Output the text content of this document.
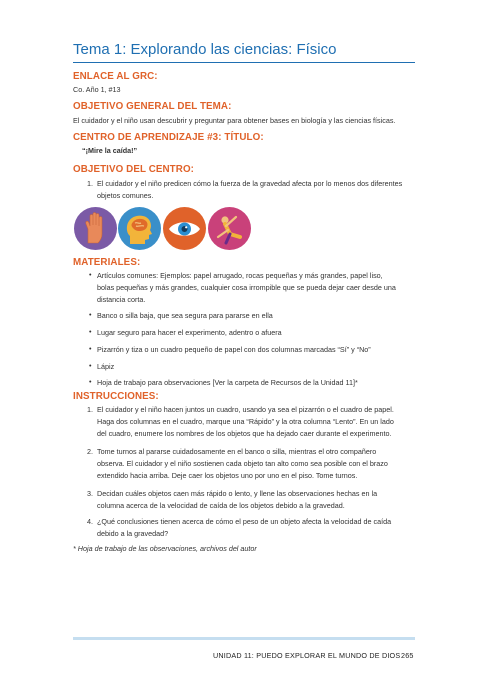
Tema 1: Explorando las ciencias: Físico
ENLACE AL GRC:
Co. Año 1, #13
OBJETIVO GENERAL DEL TEMA:
El cuidador y el niño usan descubrir y preguntar para obtener bases en biología y las ciencias físicas.
CENTRO DE APRENDIZAJE #3: TÍTULO:
“¡Mire la caída!”
OBJETIVO DEL CENTRO:
1. El cuidador y el niño predicen cómo la fuerza de la gravedad afecta por lo menos dos diferentes
objetos comunes.
MATERIALES:
• Artículos comunes: Ejemplos: papel arrugado, rocas pequeñas y más grandes, papel liso,
bolas pequeñas y más grandes, cualquier cosa irrompible que se pueda dejar caer desde una
distancia corta.
• Banco o silla baja, que sea segura para pararse en ella
• Lugar seguro para hacer el experimento, adentro o afuera
• Pizarrón y tiza o un cuadro pequeño de papel con dos columnas marcadas “Sí” y “No”
• Lápiz
• Hoja de trabajo para observaciones [Ver la carpeta de Recursos de la Unidad 11]*
INSTRUCCIONES:
1. El cuidador y el niño hacen juntos un cuadro, usando ya sea el pizarrón o el cuadro de papel.
Haga dos columnas en el cuadro, marque una “Rápido” y la otra columna “Lento”. En un lado
del cuadro, enumere los nombres de los objetos que ha dejado caer durante el experimento.
2. Tome turnos al pararse cuidadosamente en el banco o silla, mientras el otro compañero
observa. El cuidador y el niño sostienen cada objeto tan alto como sea posible con el brazo
extendido hacia arriba. Deje caer los objetos uno por uno en el piso. Tome turnos.
3. Decidan cuáles objetos caen más rápido o lento, y llene las observaciones hechas en la
columna acerca de la velocidad de caída de los objetos debido a la gravedad.
4. ¿Qué conclusiones tienen acerca de cómo el peso de un objeto afecta la velocidad de caída
debido a la gravedad?
* Hoja de trabajo de las observaciones, archivos del autor
UNIDAD 11: PUEDO EXPLORAR EL MUNDO DE DIOS 265
